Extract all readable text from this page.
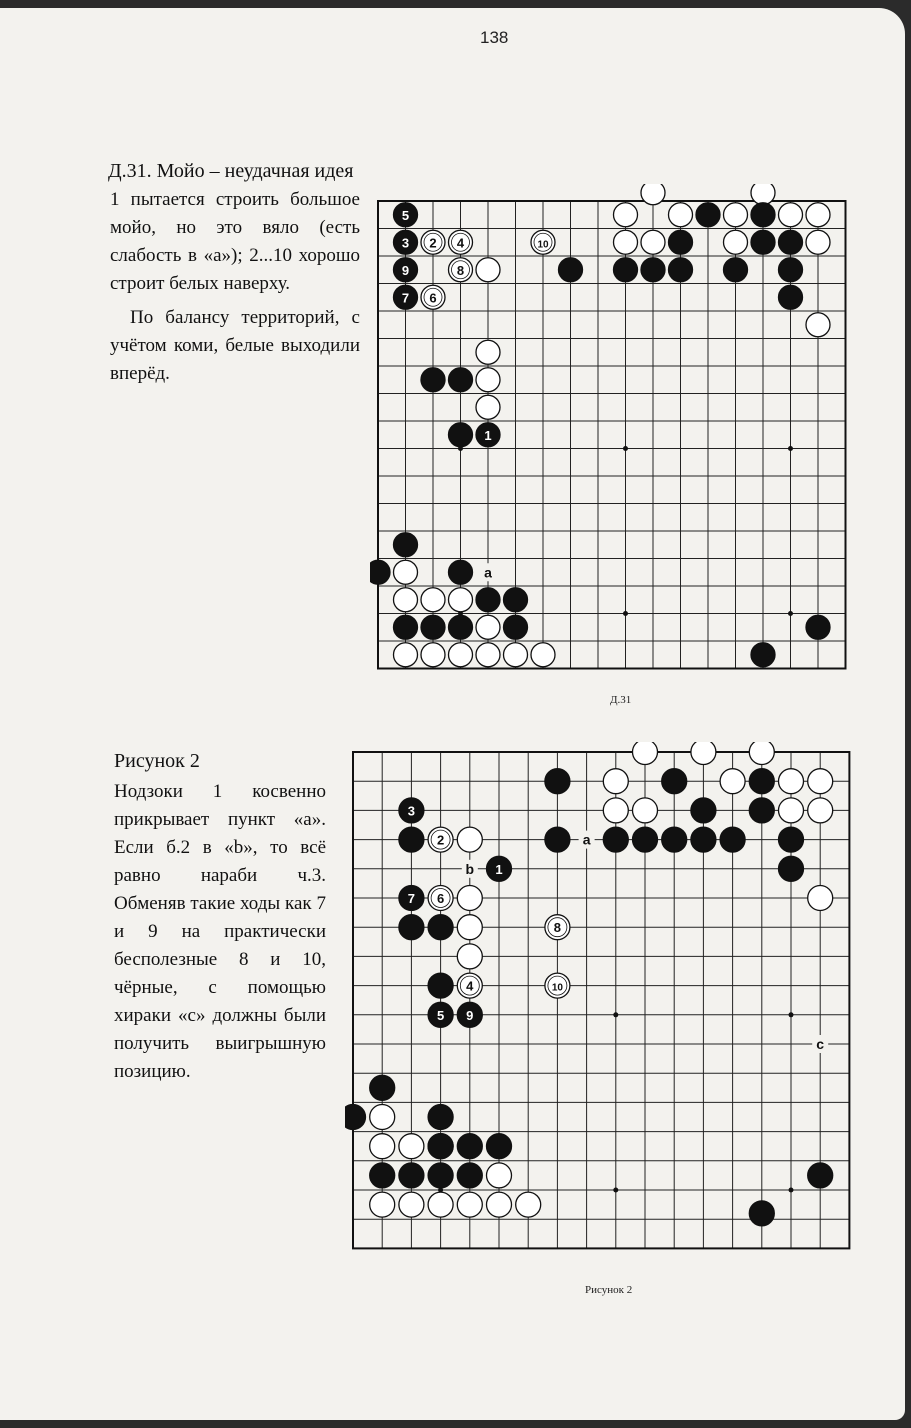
138
Д.31. Мойо – неудачная идея

1 пытается строить большое мойо, но это вяло (есть слабость в «а»); 2...10 хорошо строит белых наверху.

По балансу территорий, с учётом коми, белые выходили вперёд.

5
3 2 4	10
9	8
7 6
1
a
Д.31
Рисунок 2

Нодзоки 1 косвенно прикрывает пункт «а». Если б.2 в «b», то всё равно нараби ч.3. Обменяв такие ходы как 7 и 9 на практически бесполезные 8 и 10, чёрные, с помощью хираки «с» должны были получить выигрышную позицию.

3
2
1
7 6
8
4	10
5 9
a
b
c
Рисунок 2
